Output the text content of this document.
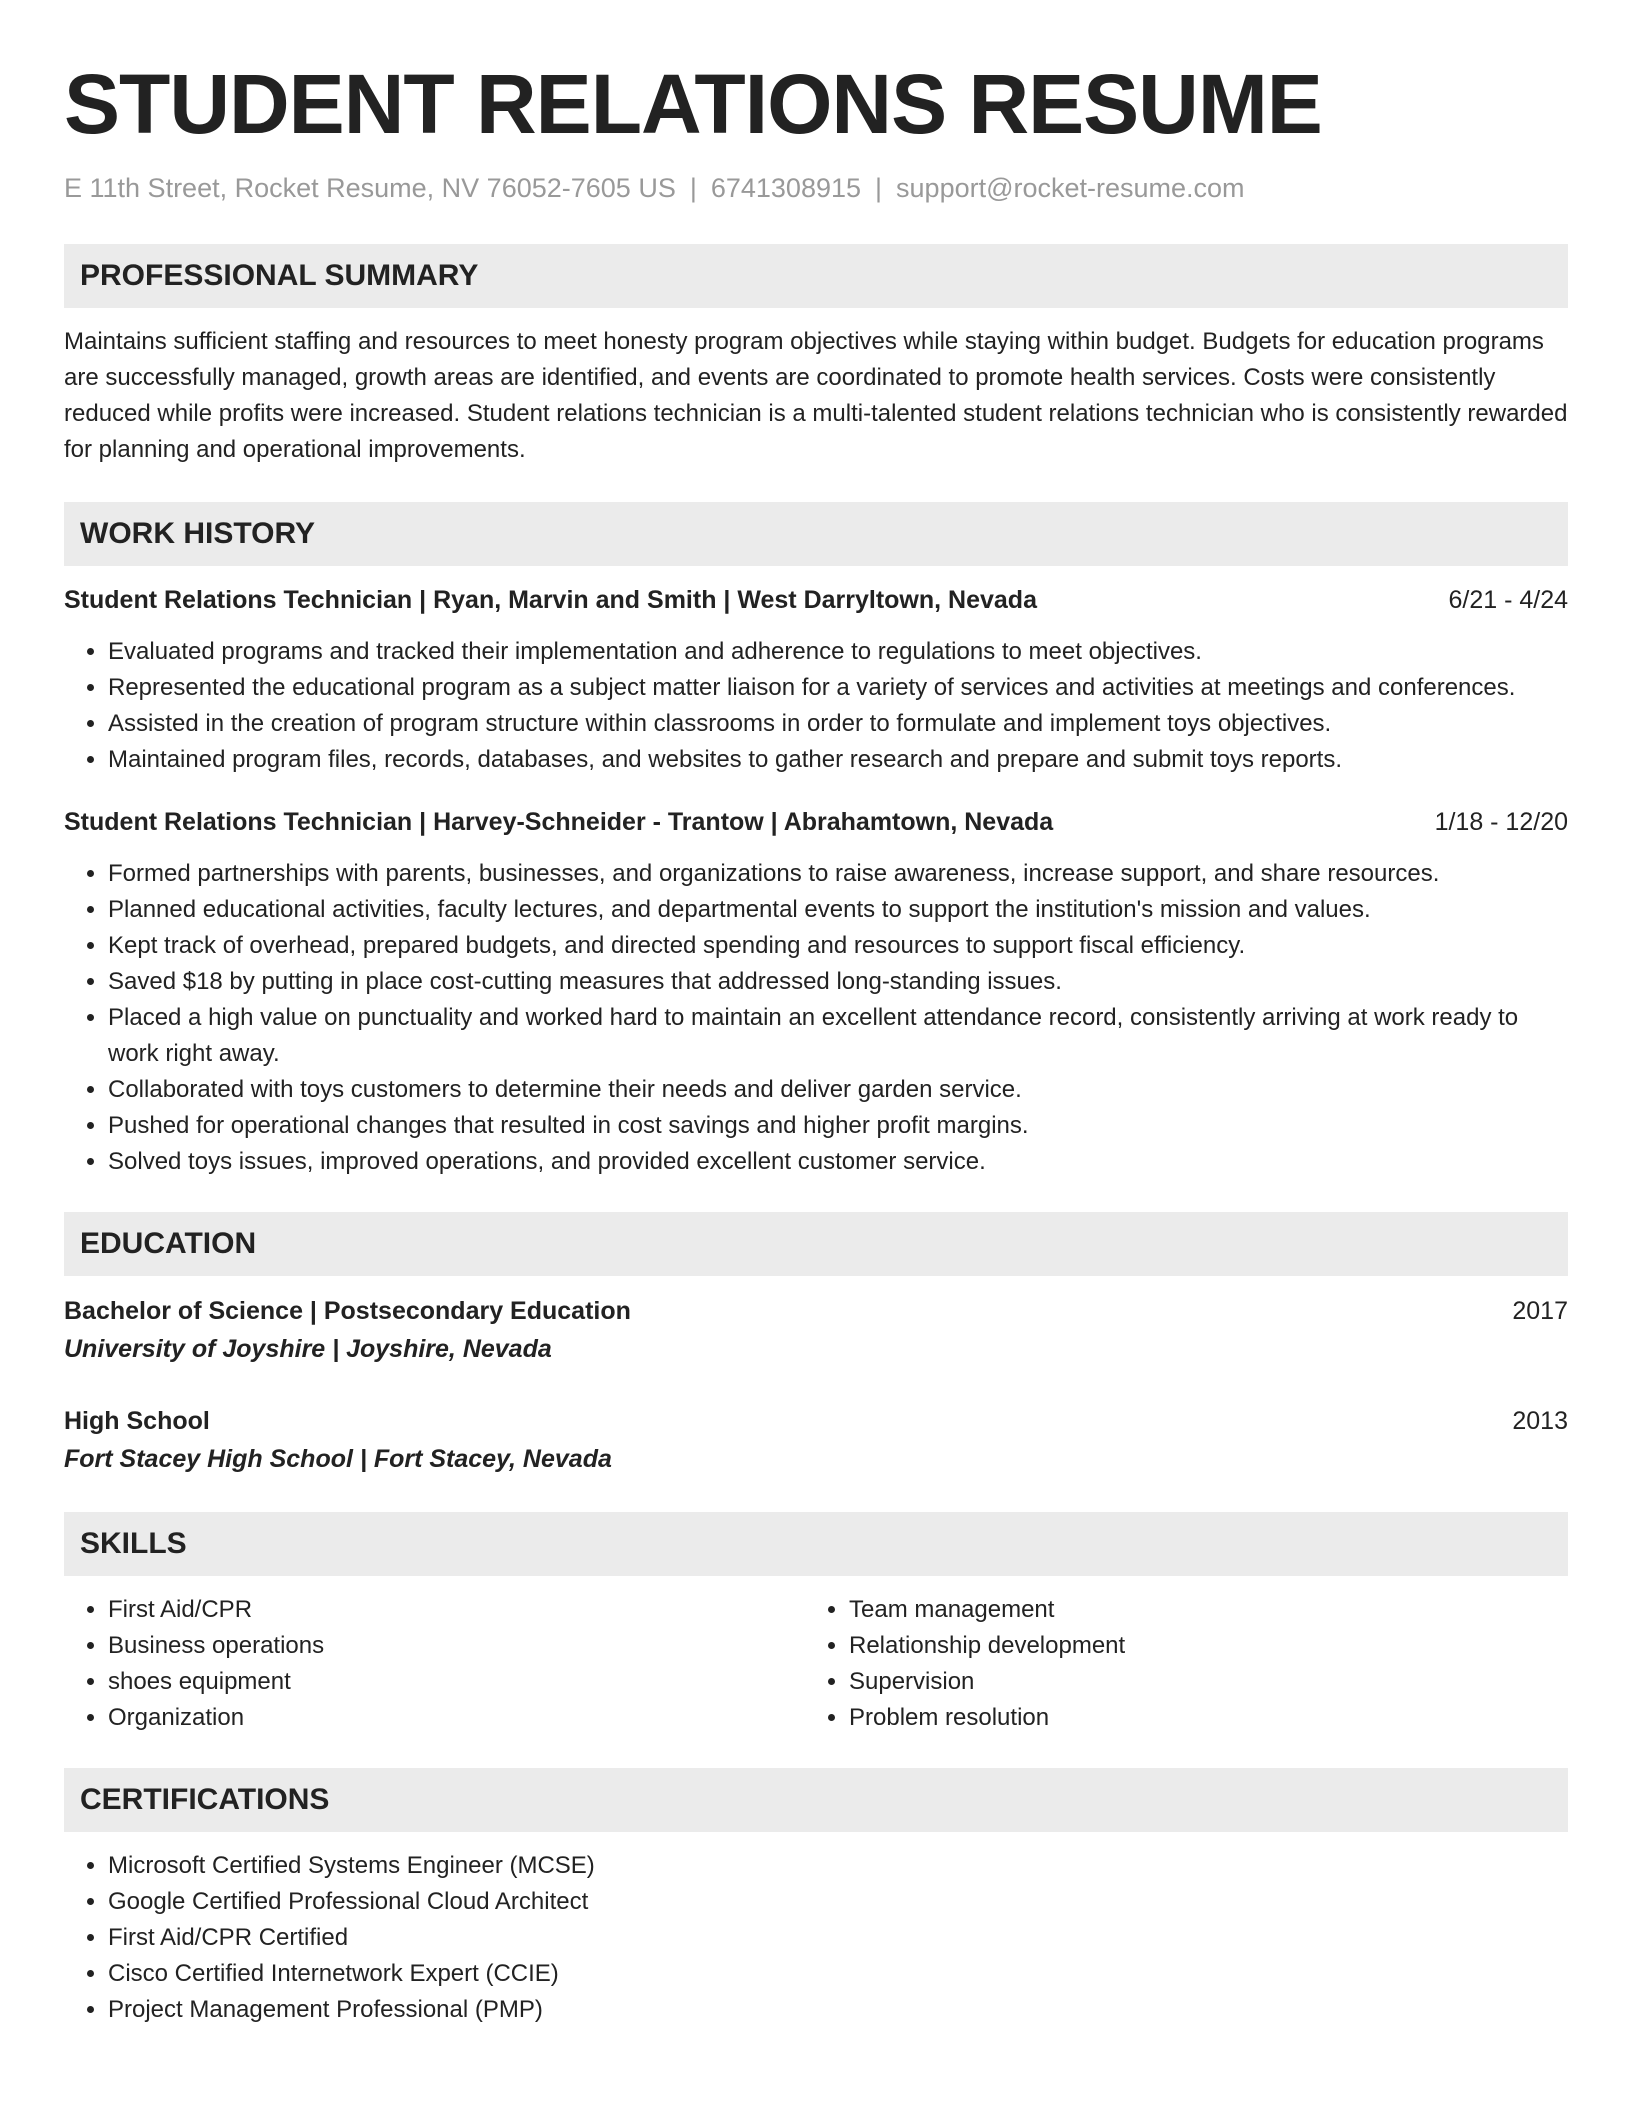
STUDENT RELATIONS RESUME
E 11th Street, Rocket Resume, NV 76052-7605 US | 6741308915 | support@rocket-resume.com
PROFESSIONAL SUMMARY

Maintains sufficient staffing and resources to meet honesty program objectives while staying within budget. Budgets for education programs are successfully managed, growth areas are identified, and events are coordinated to promote health services. Costs were consistently reduced while profits were increased. Student relations technician is a multi-talented student relations technician who is consistently rewarded for planning and operational improvements.

WORK HISTORY
Student Relations Technician | Ryan, Marvin and Smith | West Darryltown, Nevada	6/21 - 4/24
• Evaluated programs and tracked their implementation and adherence to regulations to meet objectives.
• Represented the educational program as a subject matter liaison for a variety of services and activities at meetings and conferences.
• Assisted in the creation of program structure within classrooms in order to formulate and implement toys objectives.
• Maintained program files, records, databases, and websites to gather research and prepare and submit toys reports.
Student Relations Technician | Harvey-Schneider - Trantow | Abrahamtown, Nevada	1/18 - 12/20
• Formed partnerships with parents, businesses, and organizations to raise awareness, increase support, and share resources.
• Planned educational activities, faculty lectures, and departmental events to support the institution's mission and values.
• Kept track of overhead, prepared budgets, and directed spending and resources to support fiscal efficiency.
• Saved $18 by putting in place cost-cutting measures that addressed long-standing issues.
• Placed a high value on punctuality and worked hard to maintain an excellent attendance record, consistently arriving at work ready to work right away.
• Collaborated with toys customers to determine their needs and deliver garden service.
• Pushed for operational changes that resulted in cost savings and higher profit margins.
• Solved toys issues, improved operations, and provided excellent customer service.
EDUCATION
Bachelor of Science | Postsecondary Education	2017
University of Joyshire | Joyshire, Nevada
High School	2013
Fort Stacey High School | Fort Stacey, Nevada
SKILLS
• First Aid/CPR
• Business operations
• shoes equipment
• Organization
• Team management
• Relationship development
• Supervision
• Problem resolution
CERTIFICATIONS
• Microsoft Certified Systems Engineer (MCSE)
• Google Certified Professional Cloud Architect
• First Aid/CPR Certified
• Cisco Certified Internetwork Expert (CCIE)
• Project Management Professional (PMP)
